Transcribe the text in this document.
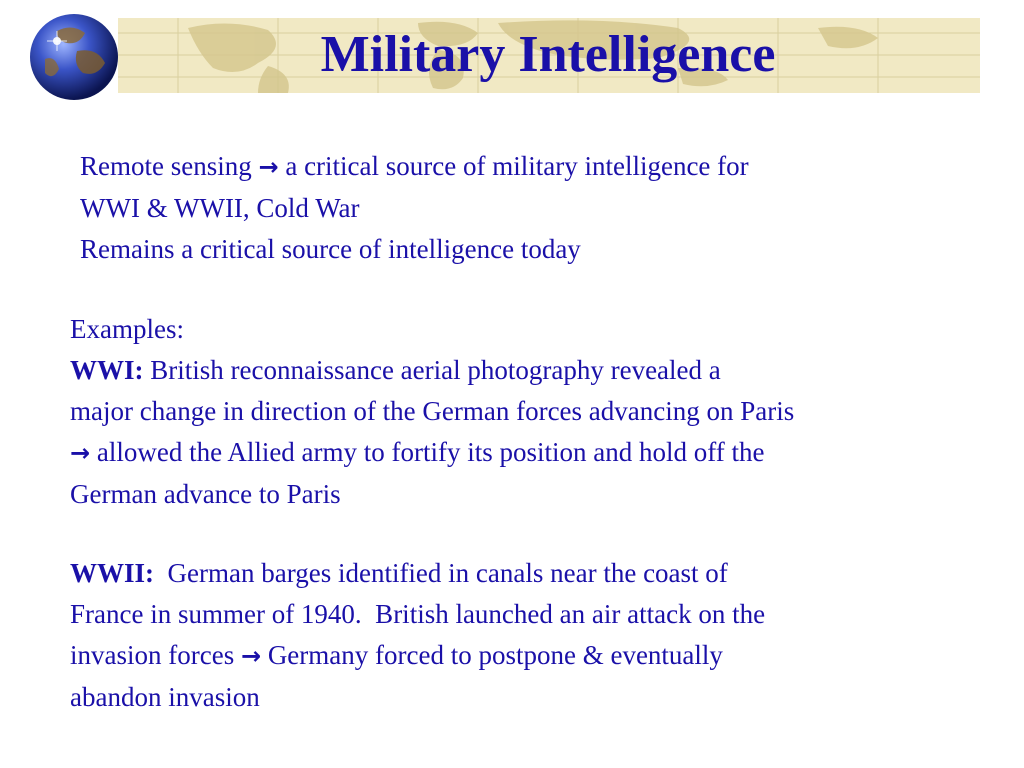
Military Intelligence
Remote sensing → a critical source of military intelligence for
WWI & WWII, Cold War
Remains a critical source of intelligence today
Examples:
WWI: British reconnaissance aerial photography revealed a
major change in direction of the German forces advancing on Paris
→ allowed the Allied army to fortify its position and hold off the
German advance to Paris
WWII:  German barges identified in canals near the coast of
France in summer of 1940.  British launched an air attack on the
invasion forces → Germany forced to postpone & eventually
abandon invasion
